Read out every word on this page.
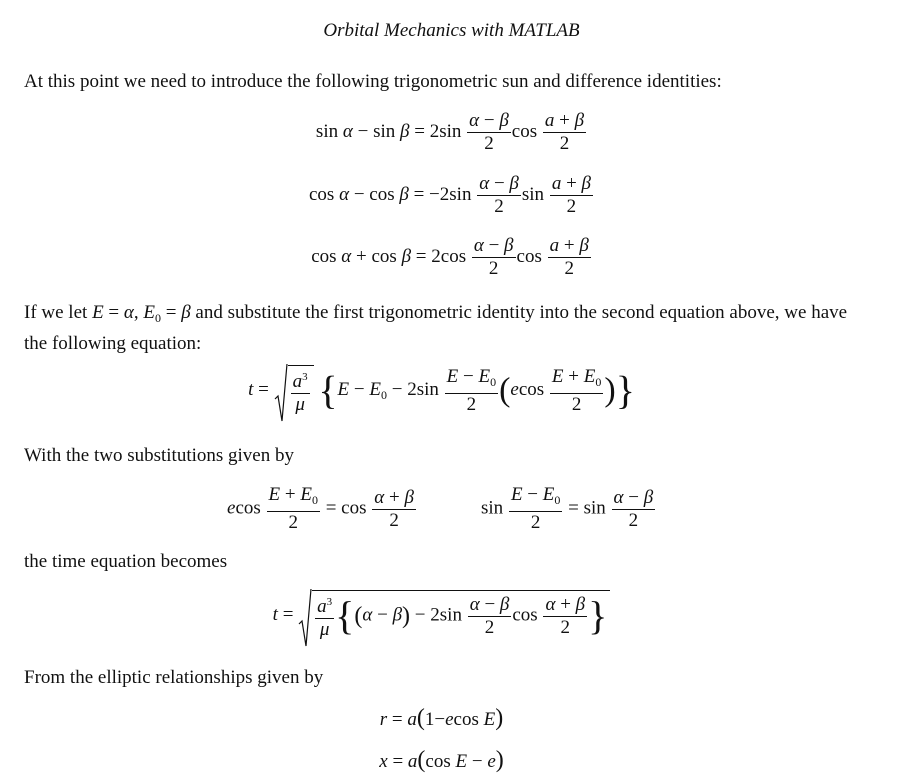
Orbital Mechanics with MATLAB
At this point we need to introduce the following trigonometric sun and difference identities:
$\sin \alpha - \sin \beta = 2\sin \frac{\alpha - \beta}{2}$ $\cos \frac{a + \beta}{2}$
$\cos \alpha - \cos \beta = -2\sin \frac{\alpha - \beta}{2}$ $\sin \frac{a + \beta}{2}$
$\cos \alpha + \cos \beta = 2\cos \frac{\alpha - \beta}{2}$ $\cos \frac{a + \beta}{2}$
If we let E = α, $E_0 = \beta$ and substitute the first trigonometric identity into the second equation above, we have the following equation:
$t = \frac{a^3}{\mu} \{E - E_0 - 2\sin \frac{E - E_0}{2} (ecos \frac{E + E_0}{2}$ )}
With the two substitutions given by
ecos $\frac{E + E_0}{2} = \cos \frac{\alpha + \beta}{2}$	$\sin \frac{E - E_0}{2} = \sin \frac{\alpha - \beta}{2}$
the time equation becomes
$t = \frac{a^3}{\mu} \{(\alpha - \beta) - 2\sin \frac{\alpha - \beta}{2}$ $\cos \frac{\alpha + \beta}{2}$ }
From the elliptic relationships given by
r = a(1−ecos E)
x = a(cos E − e)
